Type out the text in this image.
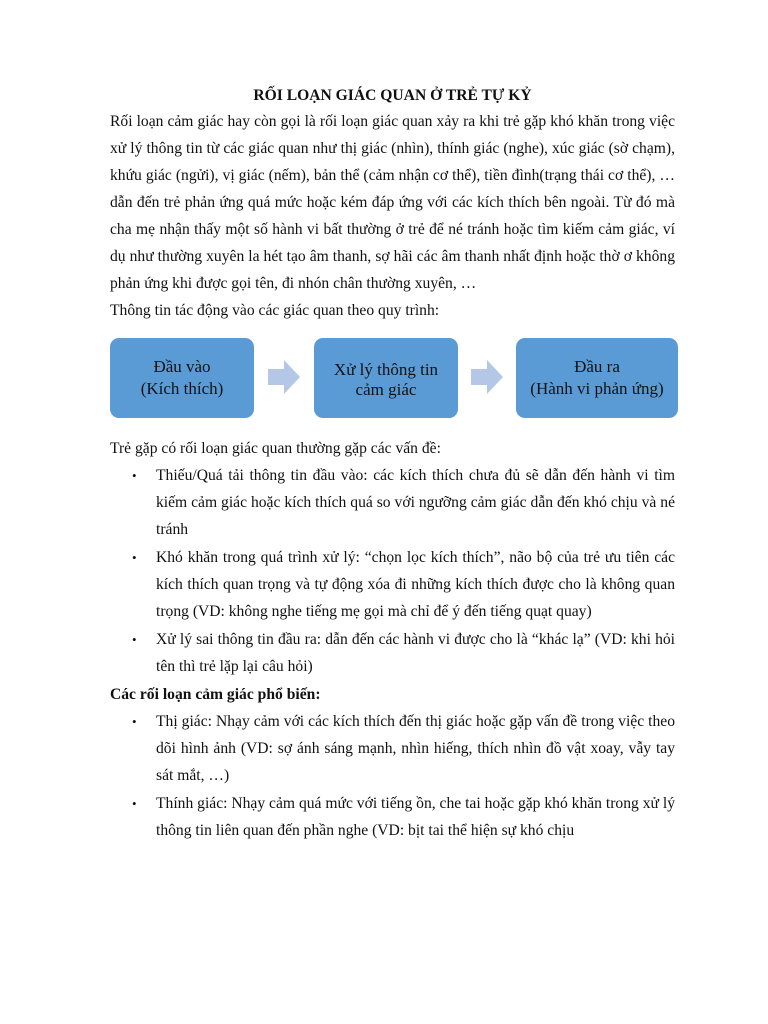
RỐI LOẠN GIÁC QUAN Ở TRẺ TỰ KỶ

Rối loạn cảm giác hay còn gọi là rối loạn giác quan xảy ra khi trẻ gặp khó khăn trong việc xử lý thông tin từ các giác quan như thị giác (nhìn), thính giác (nghe), xúc giác (sờ chạm), khứu giác (ngửi), vị giác (nếm), bản thể (cảm nhận cơ thể), tiền đình(trạng thái cơ thể), … dẫn đến trẻ phản ứng quá mức hoặc kém đáp ứng với các kích thích bên ngoài. Từ đó mà cha mẹ nhận thấy một số hành vi bất thường ở trẻ để né tránh hoặc tìm kiếm cảm giác, ví dụ như thường xuyên la hét tạo âm thanh, sợ hãi các âm thanh nhất định hoặc thờ ơ không phản ứng khi được gọi tên, đi nhón chân thường xuyên, …

Thông tin tác động vào các giác quan theo quy trình:

Đầu vào
(Kích thích)
Xử lý thông tin
cảm giác
Đầu ra
(Hành vi phản ứng)

Trẻ gặp có rối loạn giác quan thường gặp các vấn đề:

• Thiếu/Quá tải thông tin đầu vào: các kích thích chưa đủ sẽ dẫn đến hành vi tìm kiếm cảm giác hoặc kích thích quá so với ngưỡng cảm giác dẫn đến khó chịu và né tránh
• Khó khăn trong quá trình xử lý: “chọn lọc kích thích”, não bộ của trẻ ưu tiên các kích thích quan trọng và tự động xóa đi những kích thích được cho là không quan trọng (VD: không nghe tiếng mẹ gọi mà chỉ để ý đến tiếng quạt quay)
• Xử lý sai thông tin đầu ra: dẫn đến các hành vi được cho là “khác lạ” (VD: khi hỏi tên thì trẻ lặp lại câu hỏi)

Các rối loạn cảm giác phổ biến:

• Thị giác: Nhạy cảm với các kích thích đến thị giác hoặc gặp vấn đề trong việc theo dõi hình ảnh (VD: sợ ánh sáng mạnh, nhìn hiếng, thích nhìn đồ vật xoay, vẫy tay sát mắt, …)
• Thính giác: Nhạy cảm quá mức với tiếng ồn, che tai hoặc gặp khó khăn trong xử lý thông tin liên quan đến phần nghe (VD: bịt tai thể hiện sự khó chịu
